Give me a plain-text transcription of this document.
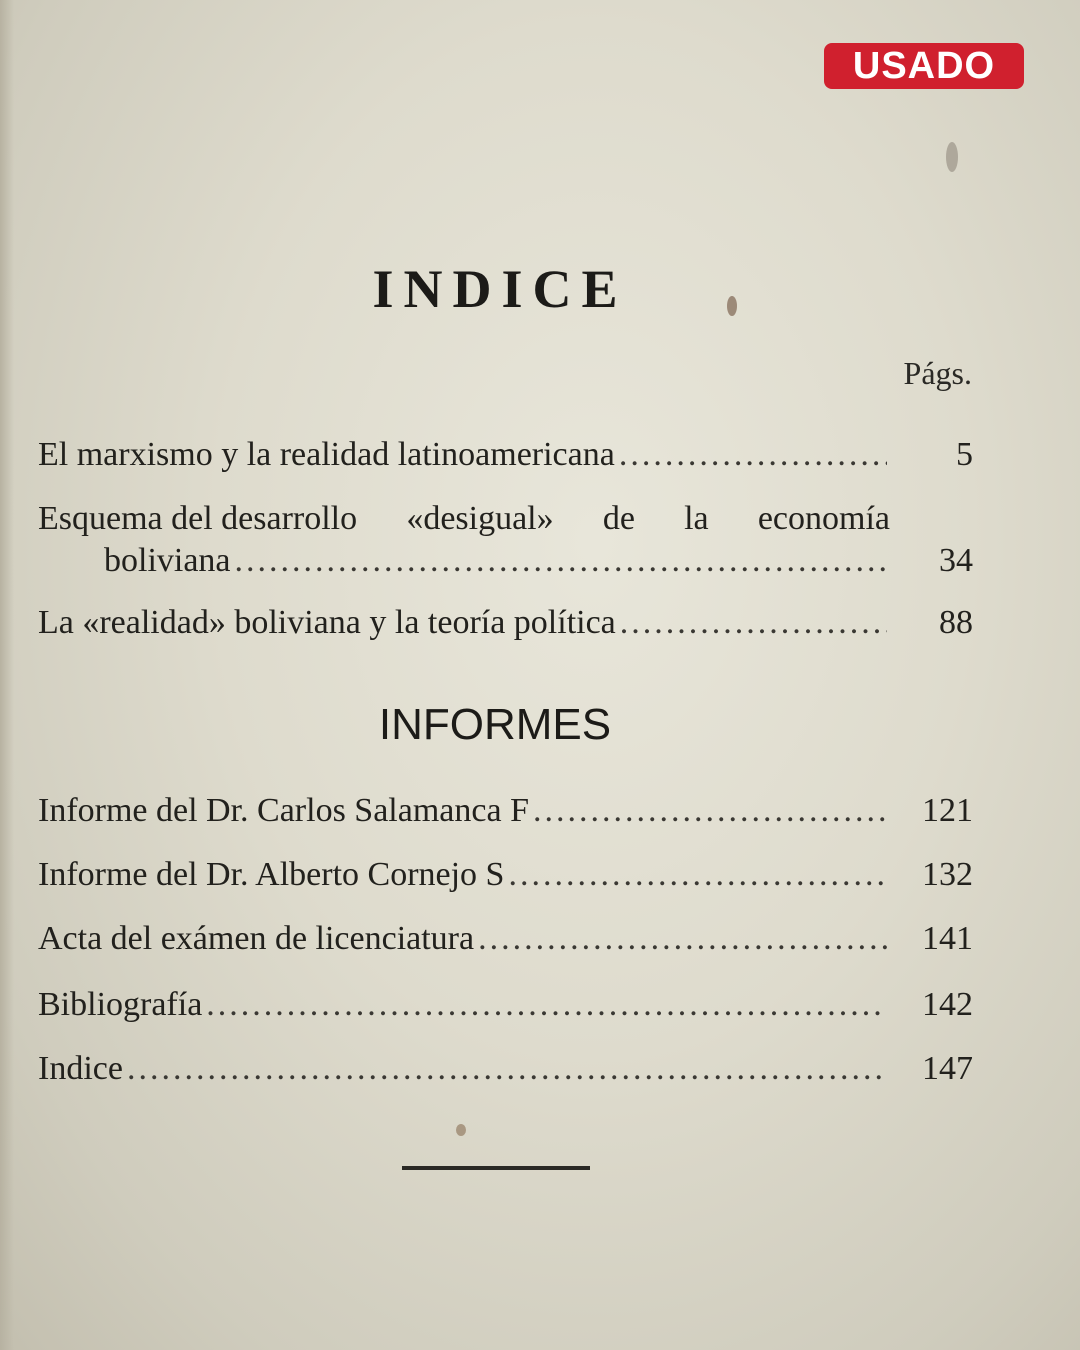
USADO
INDICE
Págs.
El marxismo y la realidad latinoamericana .....	5
Esquema del desarrollo «desigual» de la economía
boliviana .....	34
La «realidad» boliviana y la teoría política .....	88
INFORMES
Informe del Dr. Carlos Salamanca F .....	121
Informe del Dr. Alberto Cornejo S .....	132
Acta del exámen de licenciatura .....	141
Bibliografía .....	142
Indice .....	147
